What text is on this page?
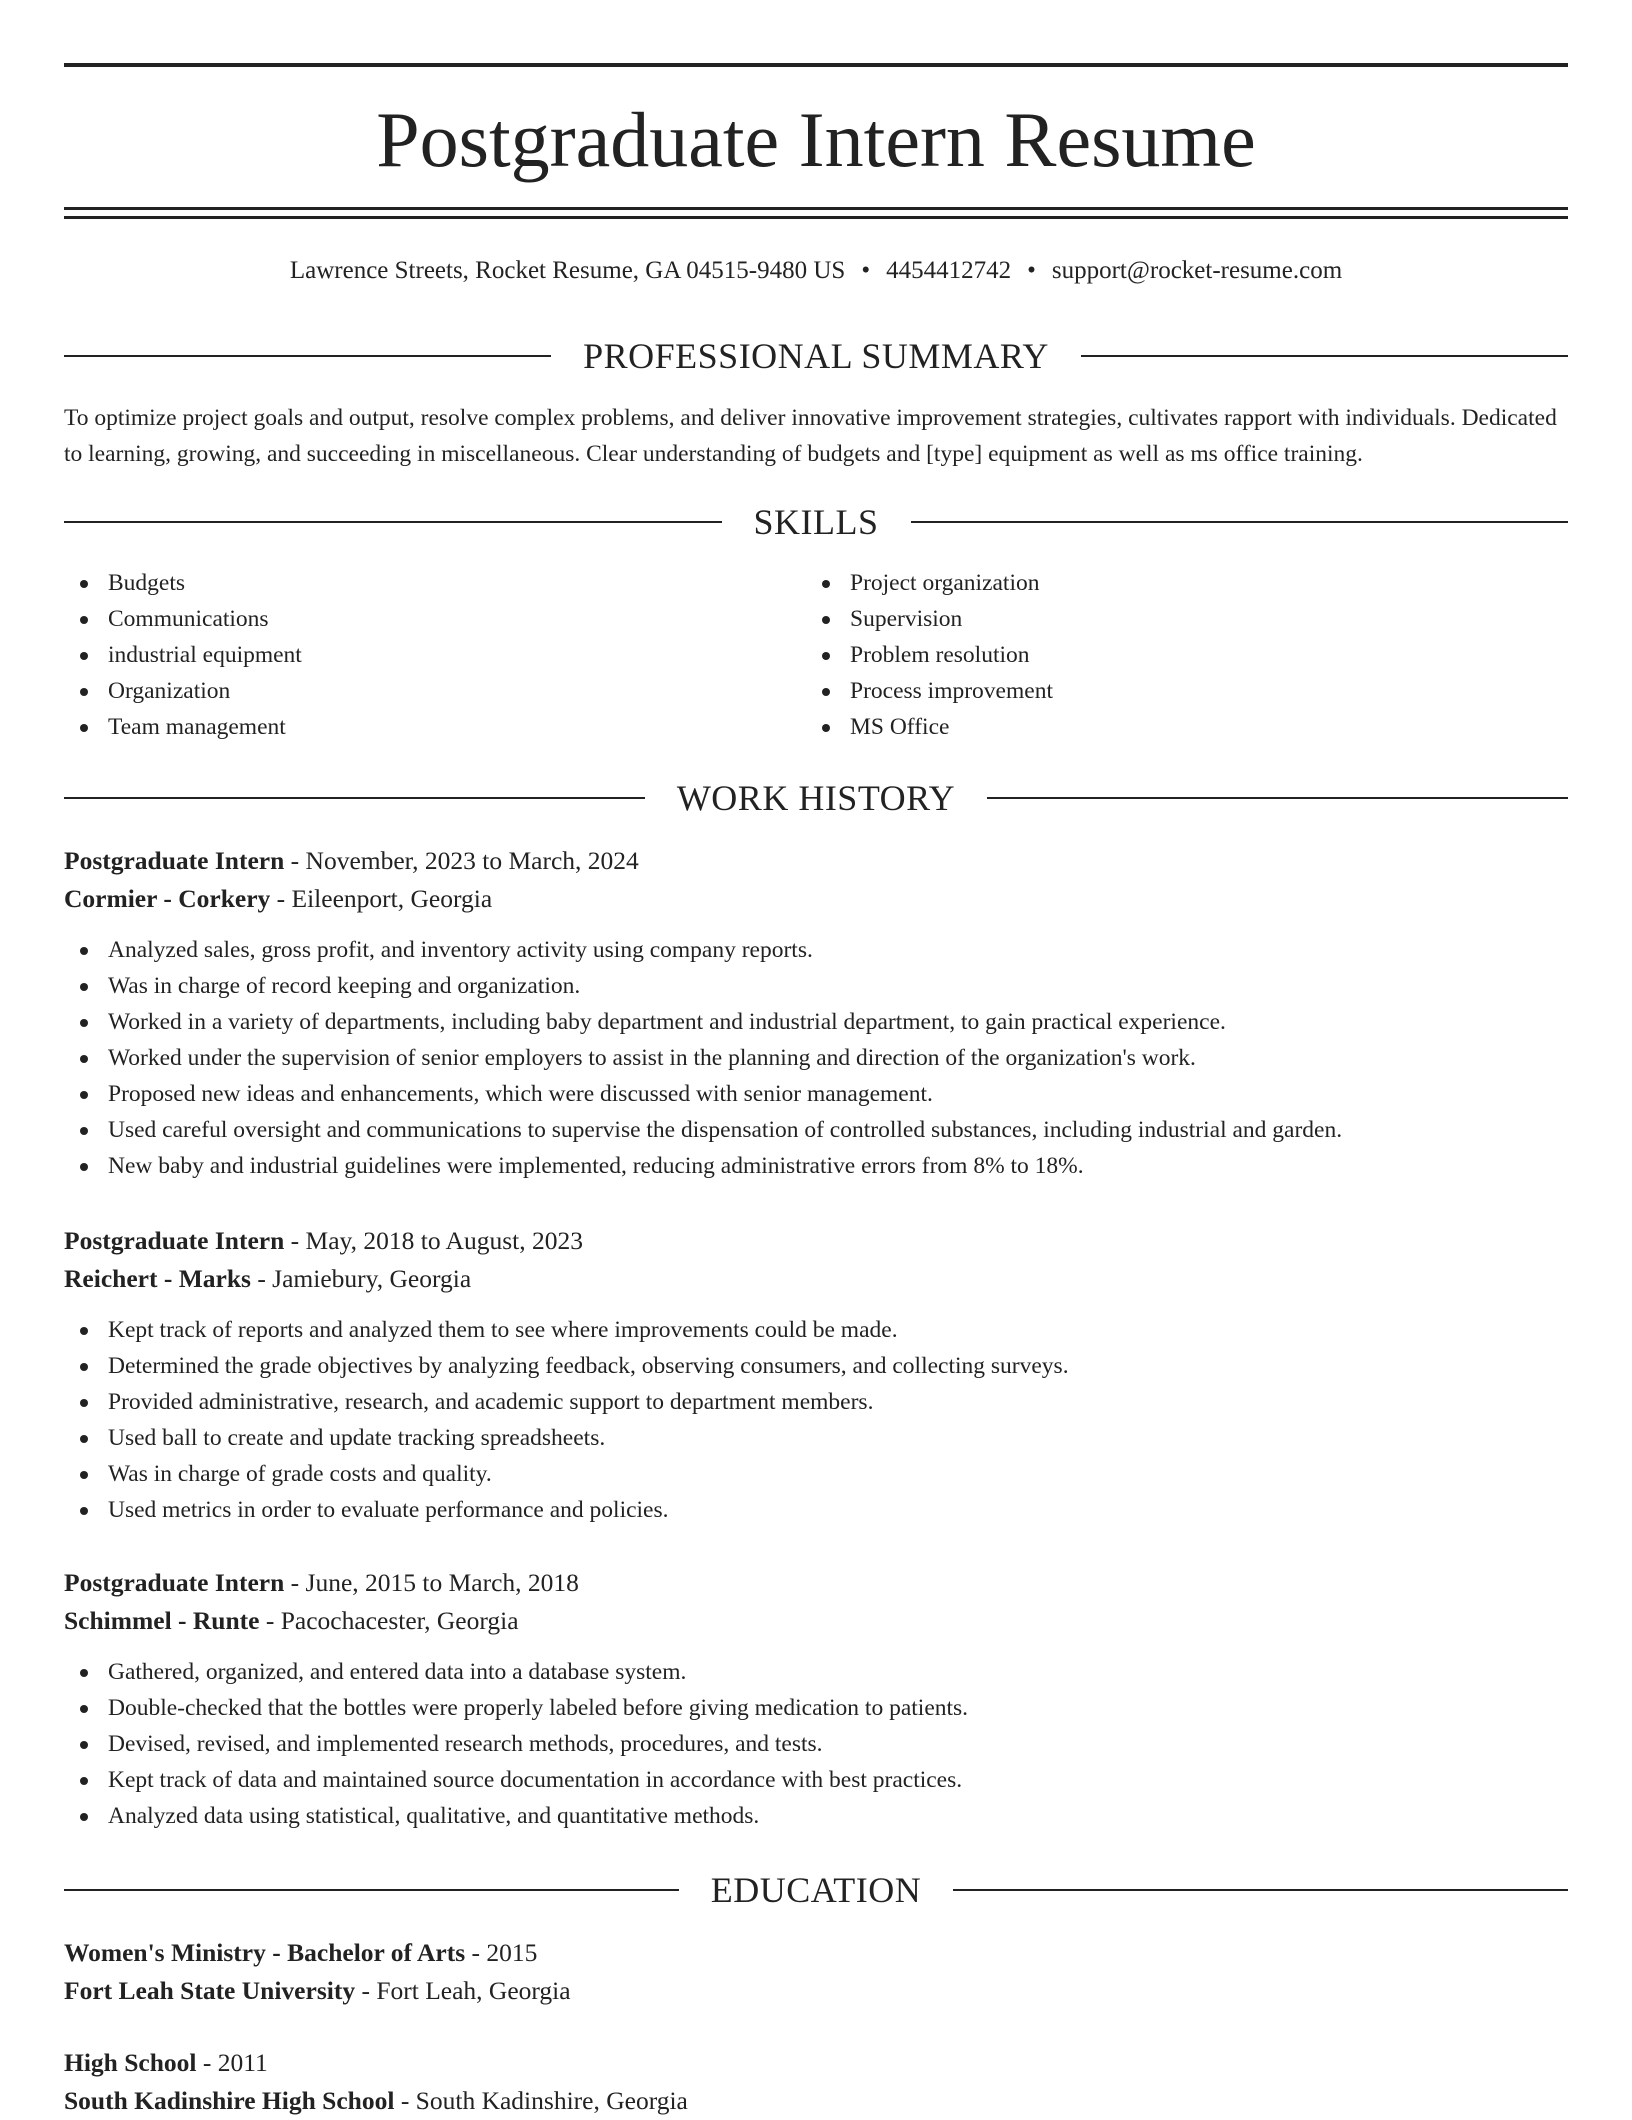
Postgraduate Intern Resume
Lawrence Streets, Rocket Resume, GA 04515-9480 US • 4454412742 • support@rocket-resume.com
PROFESSIONAL SUMMARY

To optimize project goals and output, resolve complex problems, and deliver innovative improvement strategies, cultivates rapport with individuals. Dedicated to learning, growing, and succeeding in miscellaneous. Clear understanding of budgets and [type] equipment as well as ms office training.

SKILLS
Budgets
Communications
industrial equipment
Organization
Team management
Project organization
Supervision
Problem resolution
Process improvement
MS Office
WORK HISTORY
Postgraduate Intern - November, 2023 to March, 2024
Cormier - Corkery - Eileenport, Georgia
Analyzed sales, gross profit, and inventory activity using company reports.
Was in charge of record keeping and organization.
Worked in a variety of departments, including baby department and industrial department, to gain practical experience.
Worked under the supervision of senior employers to assist in the planning and direction of the organization's work.
Proposed new ideas and enhancements, which were discussed with senior management.
Used careful oversight and communications to supervise the dispensation of controlled substances, including industrial and garden.
New baby and industrial guidelines were implemented, reducing administrative errors from 8% to 18%.
Postgraduate Intern - May, 2018 to August, 2023
Reichert - Marks - Jamiebury, Georgia
Kept track of reports and analyzed them to see where improvements could be made.
Determined the grade objectives by analyzing feedback, observing consumers, and collecting surveys.
Provided administrative, research, and academic support to department members.
Used ball to create and update tracking spreadsheets.
Was in charge of grade costs and quality.
Used metrics in order to evaluate performance and policies.
Postgraduate Intern - June, 2015 to March, 2018
Schimmel - Runte - Pacochacester, Georgia
Gathered, organized, and entered data into a database system.
Double-checked that the bottles were properly labeled before giving medication to patients.
Devised, revised, and implemented research methods, procedures, and tests.
Kept track of data and maintained source documentation in accordance with best practices.
Analyzed data using statistical, qualitative, and quantitative methods.
EDUCATION
Women's Ministry - Bachelor of Arts - 2015
Fort Leah State University - Fort Leah, Georgia
High School - 2011
South Kadinshire High School - South Kadinshire, Georgia
